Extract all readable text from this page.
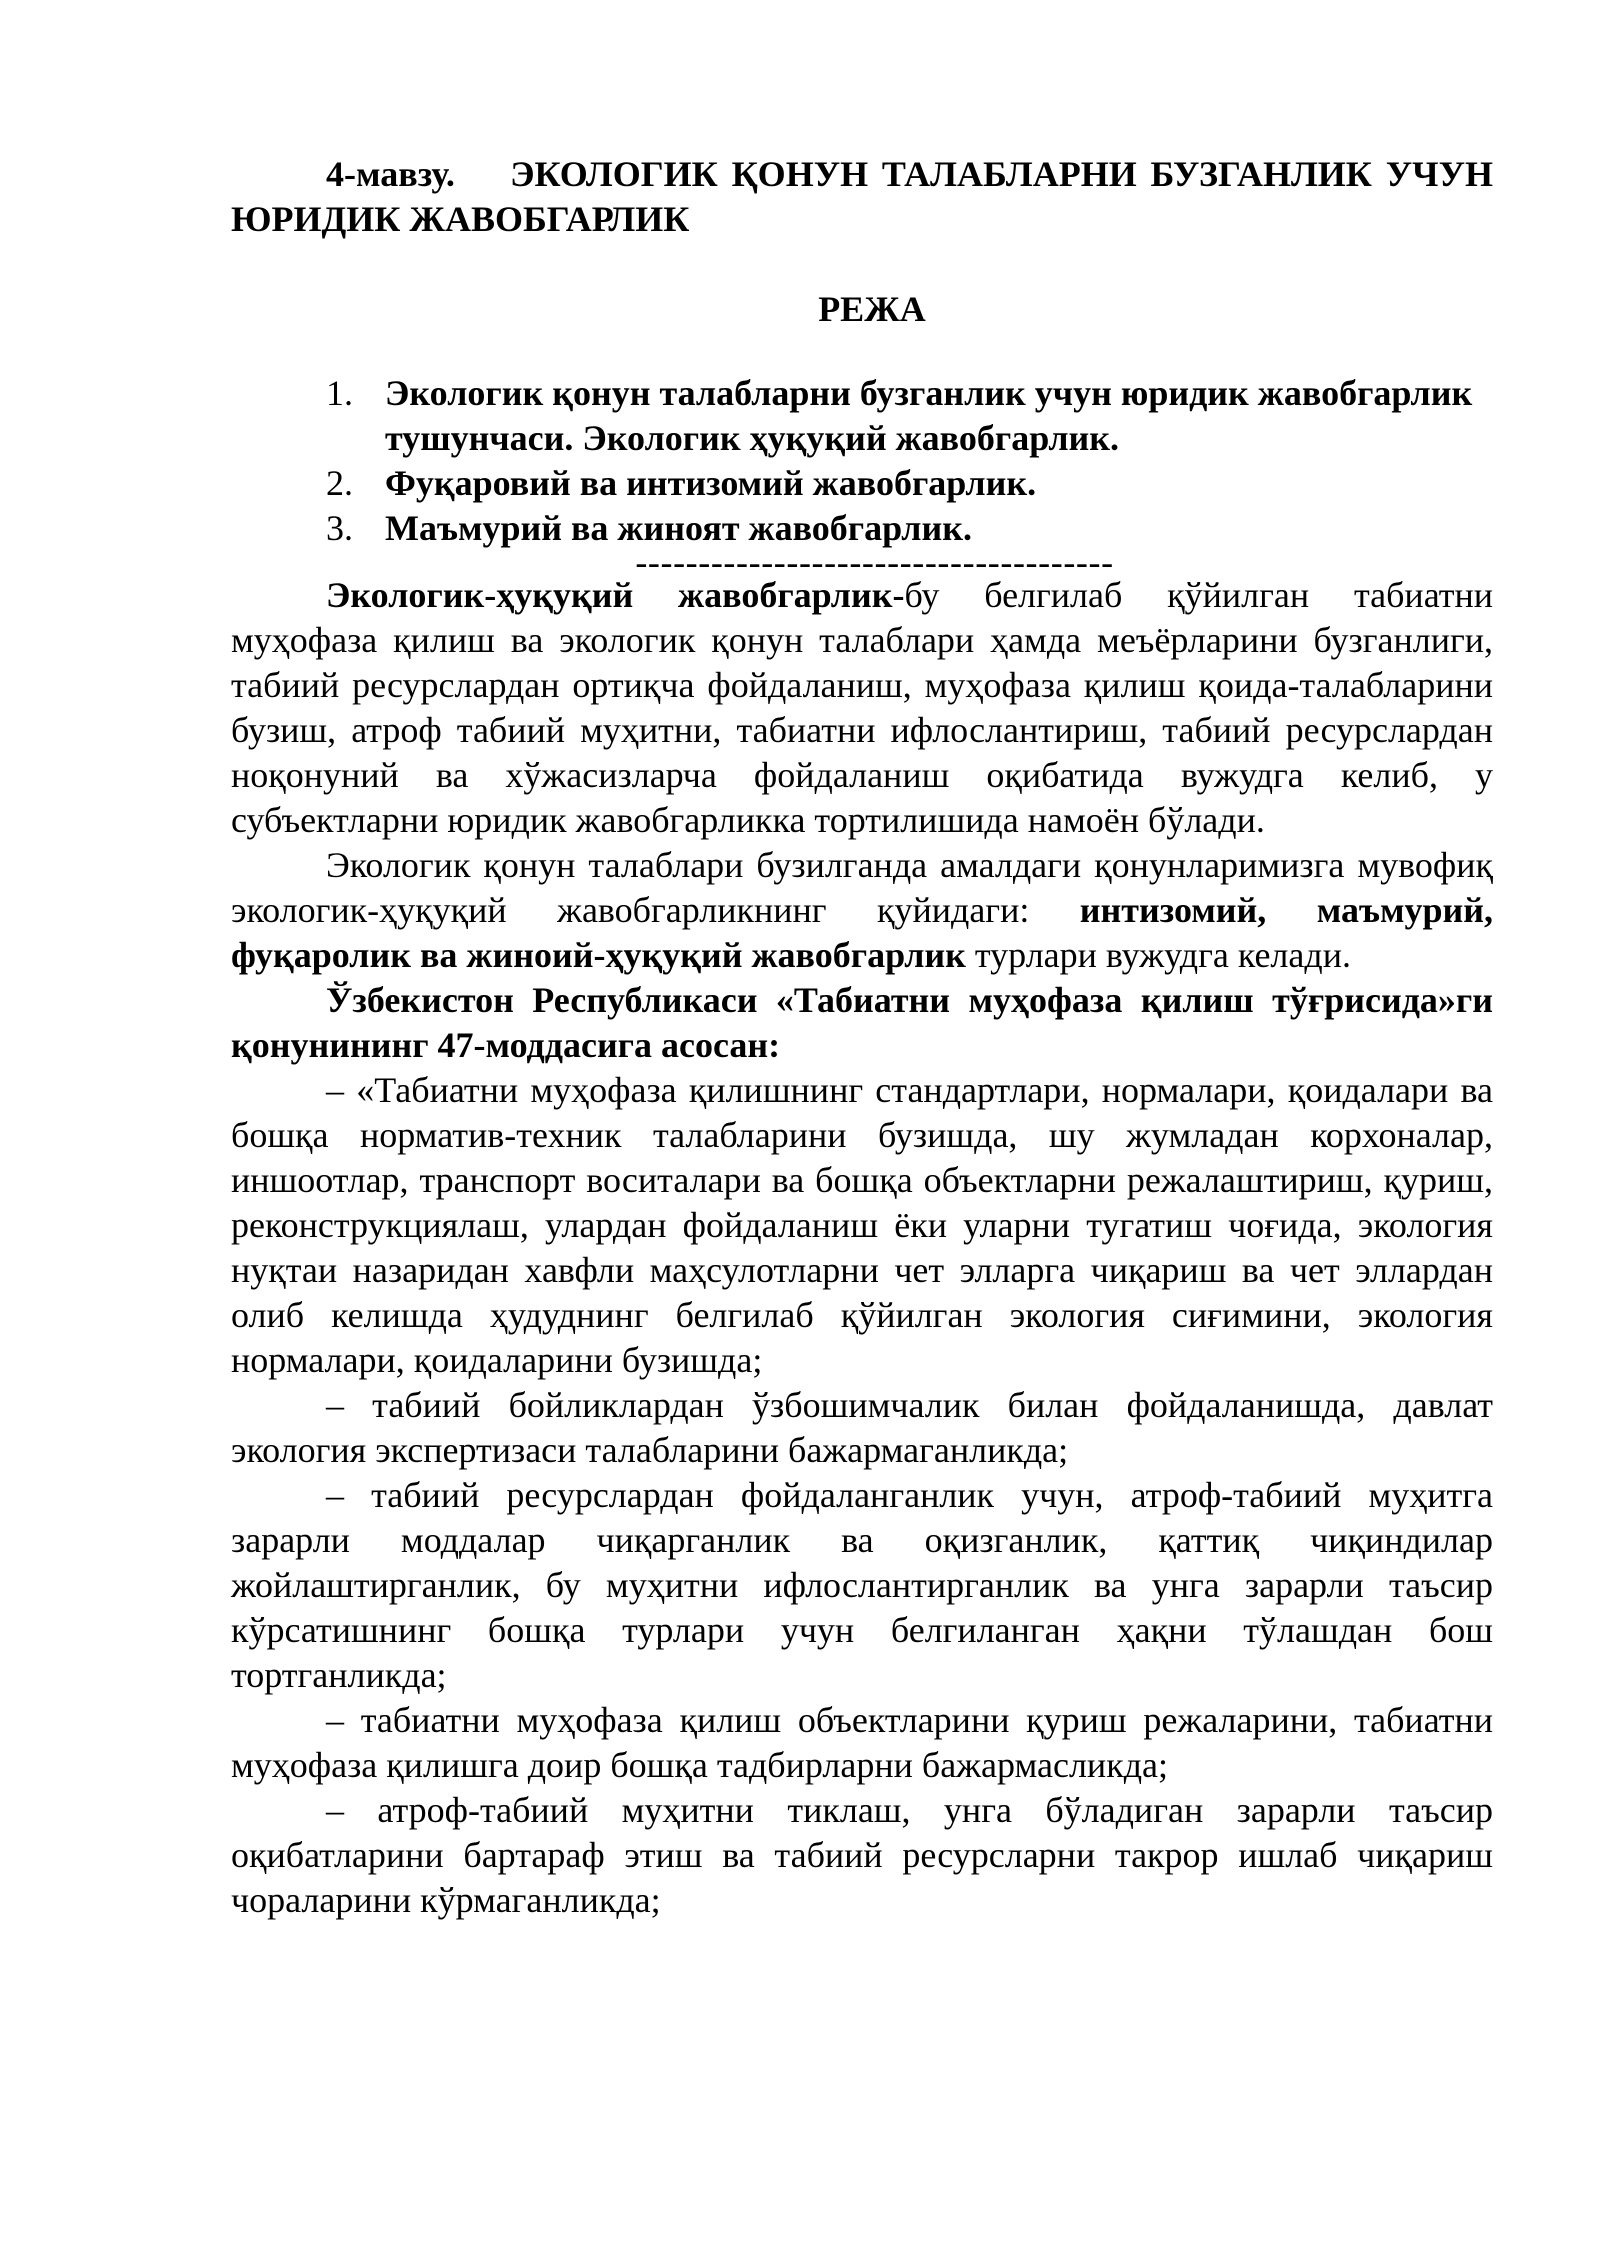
4-мавзу. ЭКОЛОГИК ҚОНУН ТАЛАБЛАРНИ БУЗГАНЛИК УЧУН ЮРИДИК ЖАВОБГАРЛИК

РЕЖА

1. Экологик қонун талабларни бузганлик учун юридик жавобгарлик тушунчаси. Экологик ҳуқуқий жавобгарлик.
2. Фуқаровий ва интизомий жавобгарлик.
3. Маъмурий ва жиноят жавобгарлик.

--------------------------------------

Экологик-ҳуқуқий жавобгарлик-бу белгилаб қўйилган табиатни муҳофаза қилиш ва экологик қонун талаблари ҳамда меъёрларини бузганлиги, табиий ресурслардан ортиқча фойдаланиш, муҳофаза қилиш қоида-талабларини бузиш, атроф табиий муҳитни, табиатни ифлослантириш, табиий ресурслардан ноқонуний ва хўжасизларча фойдаланиш оқибатида вужудга келиб, у субъектларни юридик жавобгарликка тортилишида намоён бўлади.

Экологик қонун талаблари бузилганда амалдаги қонунларимизга мувофиқ экологик-ҳуқуқий жавобгарликнинг қуйидаги: интизомий, маъмурий, фуқаролик ва жиноий-ҳуқуқий жавобгарлик турлари вужудга келади.

Ўзбекистон Республикаси «Табиатни муҳофаза қилиш тўғрисида»ги қонунининг 47-моддасига асосан:

– «Табиатни муҳофаза қилишнинг стандартлари, нормалари, қоидалари ва бошқа норматив-техник талабларини бузишда, шу жумладан корхоналар, иншоотлар, транспорт воситалари ва бошқа объектларни режалаштириш, қуриш, реконструкциялаш, улардан фойдаланиш ёки уларни тугатиш чоғида, экология нуқтаи назаридан хавфли маҳсулотларни чет элларга чиқариш ва чет эллардан олиб келишда ҳудуднинг белгилаб қўйилган экология сиғимини, экология нормалари, қоидаларини бузишда;

– табиий бойликлардан ўзбошимчалик билан фойдаланишда, давлат экология экспертизаси талабларини бажармаганликда;

– табиий ресурслардан фойдаланганлик учун, атроф-табиий муҳитга зарарли моддалар чиқарганлик ва оқизганлик, қаттиқ чиқиндилар жойлаштирганлик, бу муҳитни ифлослантирганлик ва унга зарарли таъсир кўрсатишнинг бошқа турлари учун белгиланган ҳақни тўлашдан бош тортганликда;

– табиатни муҳофаза қилиш объектларини қуриш режаларини, табиатни муҳофаза қилишга доир бошқа тадбирларни бажармасликда;

– атроф-табиий муҳитни тиклаш, унга бўладиган зарарли таъсир оқибатларини бартараф этиш ва табиий ресурсларни такрор ишлаб чиқариш чораларини кўрмаганликда;
